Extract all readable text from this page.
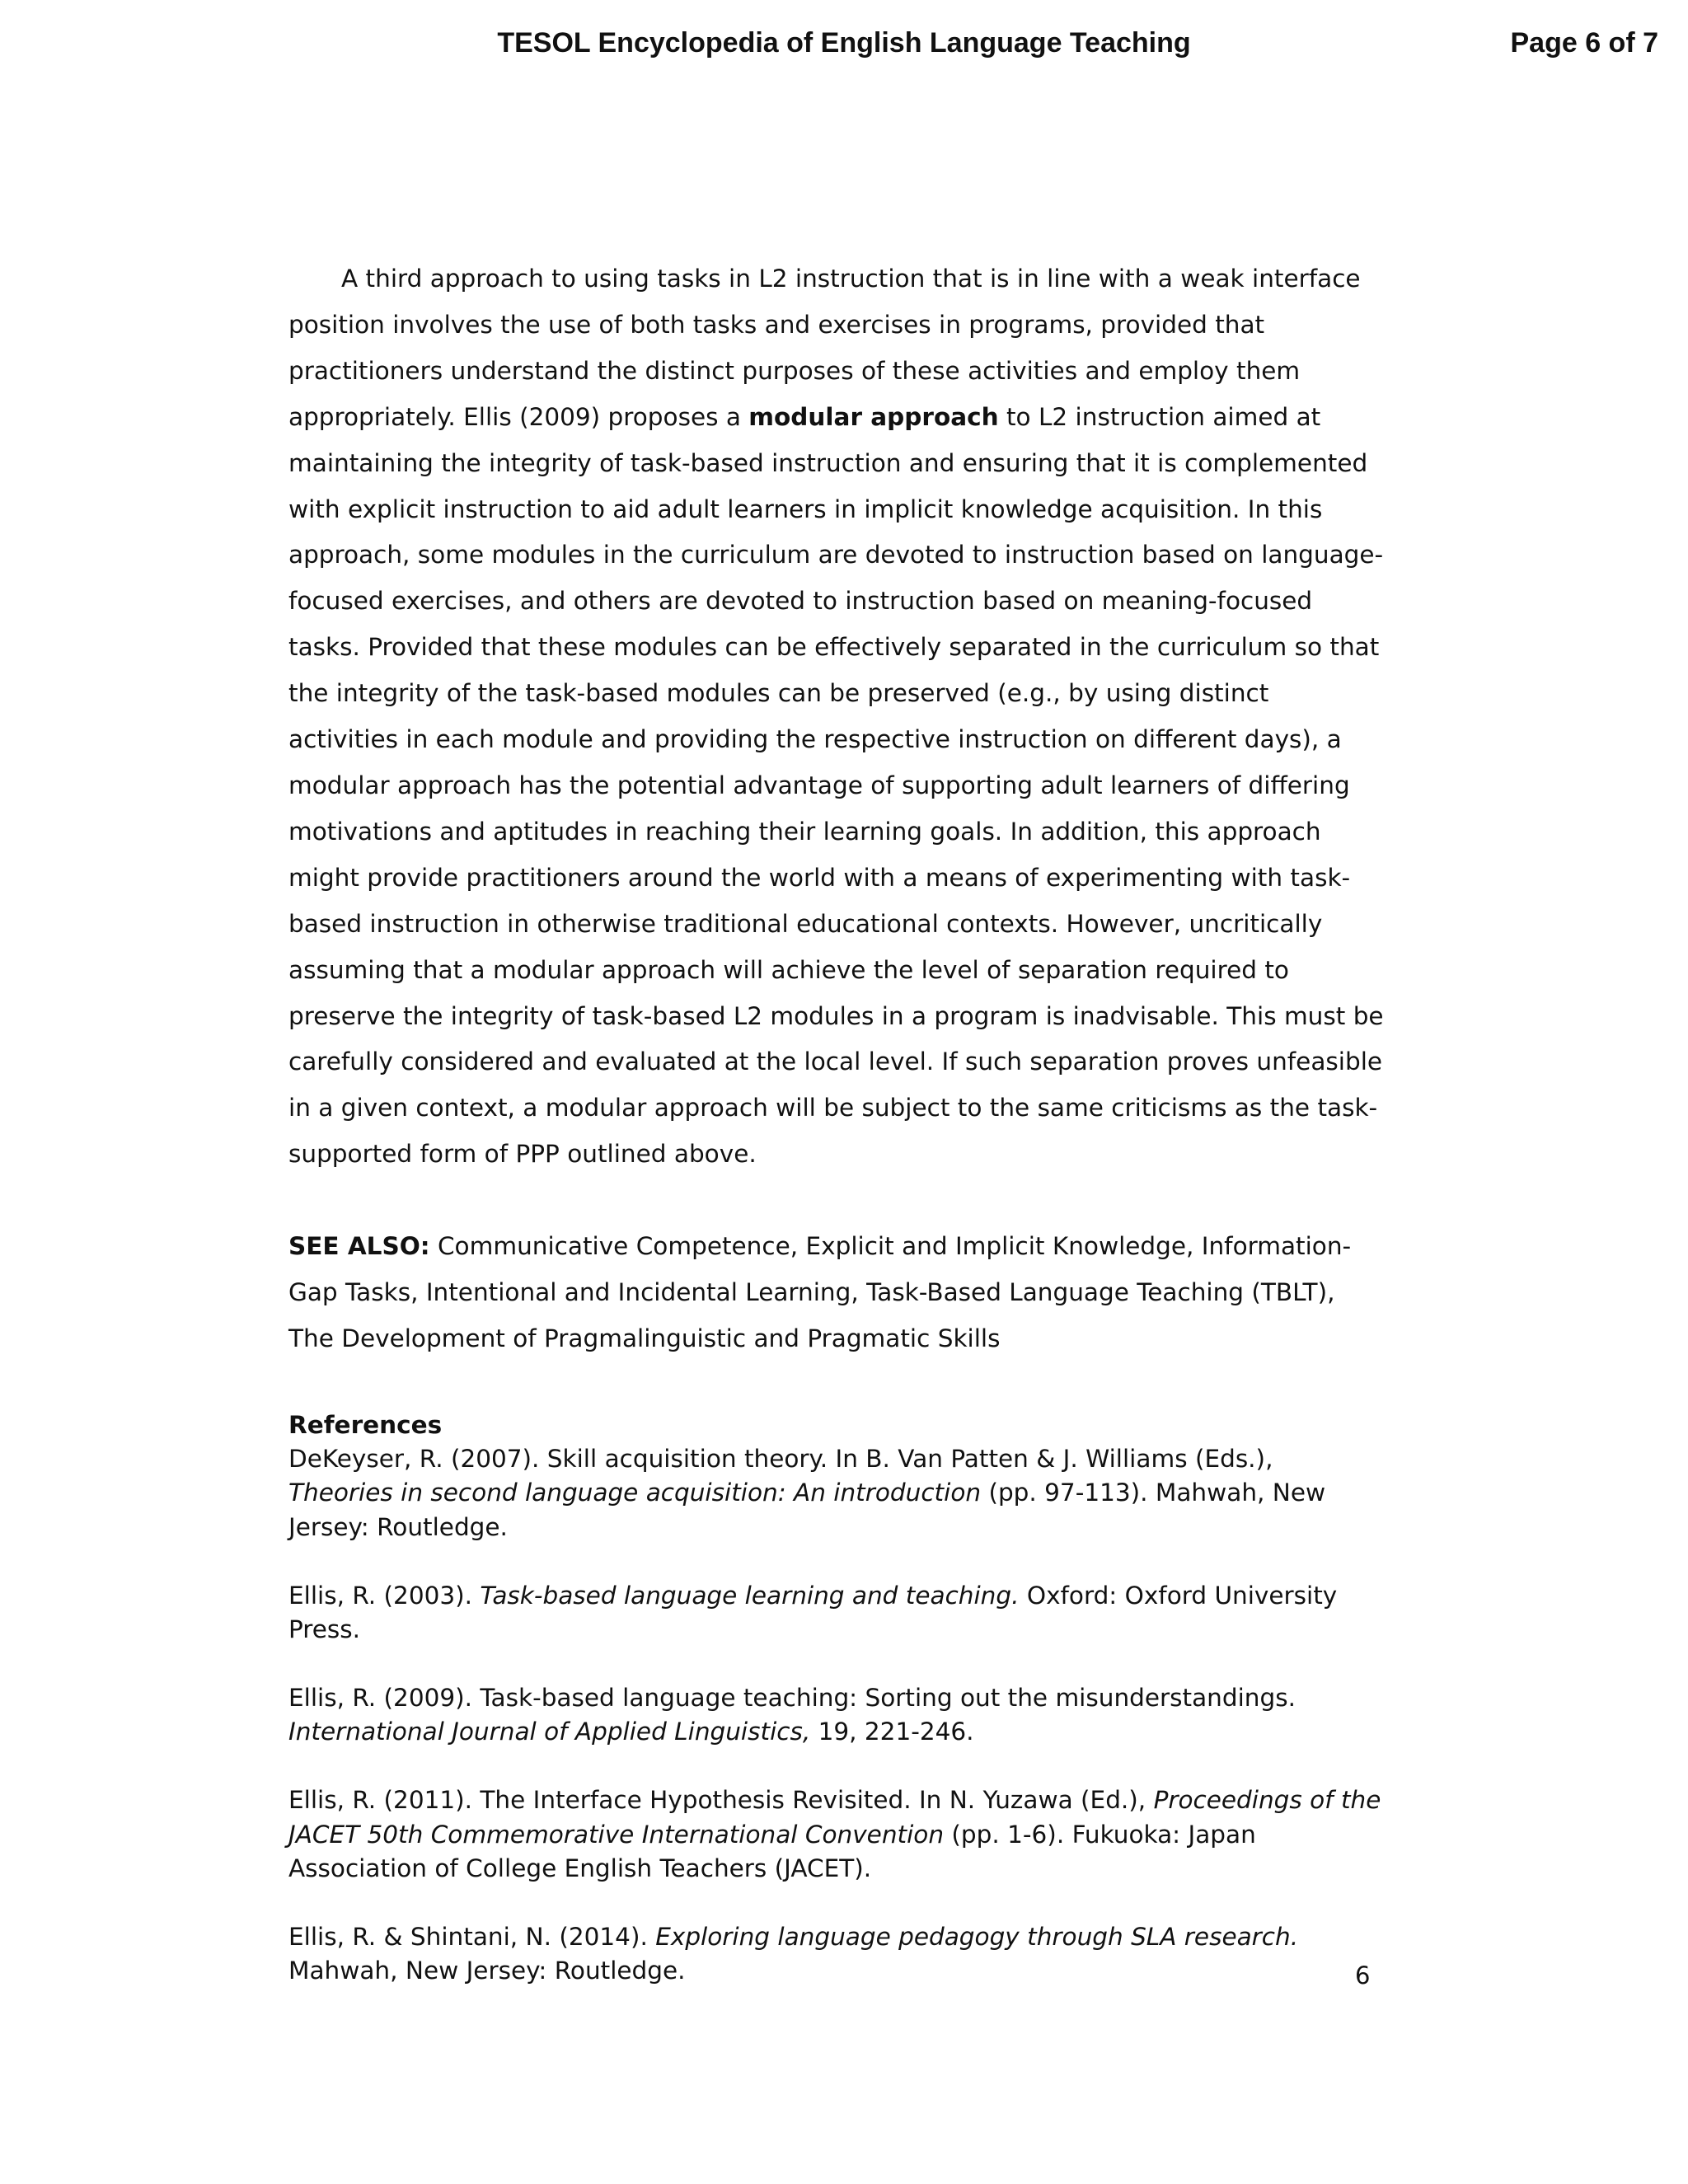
TESOL Encyclopedia of English Language Teaching	Page 6 of 7

A third approach to using tasks in L2 instruction that is in line with a weak interface position involves the use of both tasks and exercises in programs, provided that practitioners understand the distinct purposes of these activities and employ them appropriately. Ellis (2009) proposes a modular approach to L2 instruction aimed at maintaining the integrity of task-based instruction and ensuring that it is complemented with explicit instruction to aid adult learners in implicit knowledge acquisition. In this approach, some modules in the curriculum are devoted to instruction based on language-focused exercises, and others are devoted to instruction based on meaning-focused tasks. Provided that these modules can be effectively separated in the curriculum so that the integrity of the task-based modules can be preserved (e.g., by using distinct activities in each module and providing the respective instruction on different days), a modular approach has the potential advantage of supporting adult learners of differing motivations and aptitudes in reaching their learning goals. In addition, this approach might provide practitioners around the world with a means of experimenting with task-based instruction in otherwise traditional educational contexts. However, uncritically assuming that a modular approach will achieve the level of separation required to preserve the integrity of task-based L2 modules in a program is inadvisable. This must be carefully considered and evaluated at the local level. If such separation proves unfeasible in a given context, a modular approach will be subject to the same criticisms as the task-supported form of PPP outlined above.

SEE ALSO: Communicative Competence, Explicit and Implicit Knowledge, Information-Gap Tasks, Intentional and Incidental Learning, Task-Based Language Teaching (TBLT), The Development of Pragmalinguistic and Pragmatic Skills

References

DeKeyser, R. (2007). Skill acquisition theory. In B. Van Patten & J. Williams (Eds.), Theories in second language acquisition: An introduction (pp. 97-113). Mahwah, New Jersey: Routledge.

Ellis, R. (2003). Task-based language learning and teaching. Oxford: Oxford University Press.

Ellis, R. (2009). Task-based language teaching: Sorting out the misunderstandings. International Journal of Applied Linguistics, 19, 221-246.

Ellis, R. (2011). The Interface Hypothesis Revisited. In N. Yuzawa (Ed.), Proceedings of the JACET 50th Commemorative International Convention (pp. 1-6). Fukuoka: Japan Association of College English Teachers (JACET).

Ellis, R. & Shintani, N. (2014). Exploring language pedagogy through SLA research. Mahwah, New Jersey: Routledge.	6
